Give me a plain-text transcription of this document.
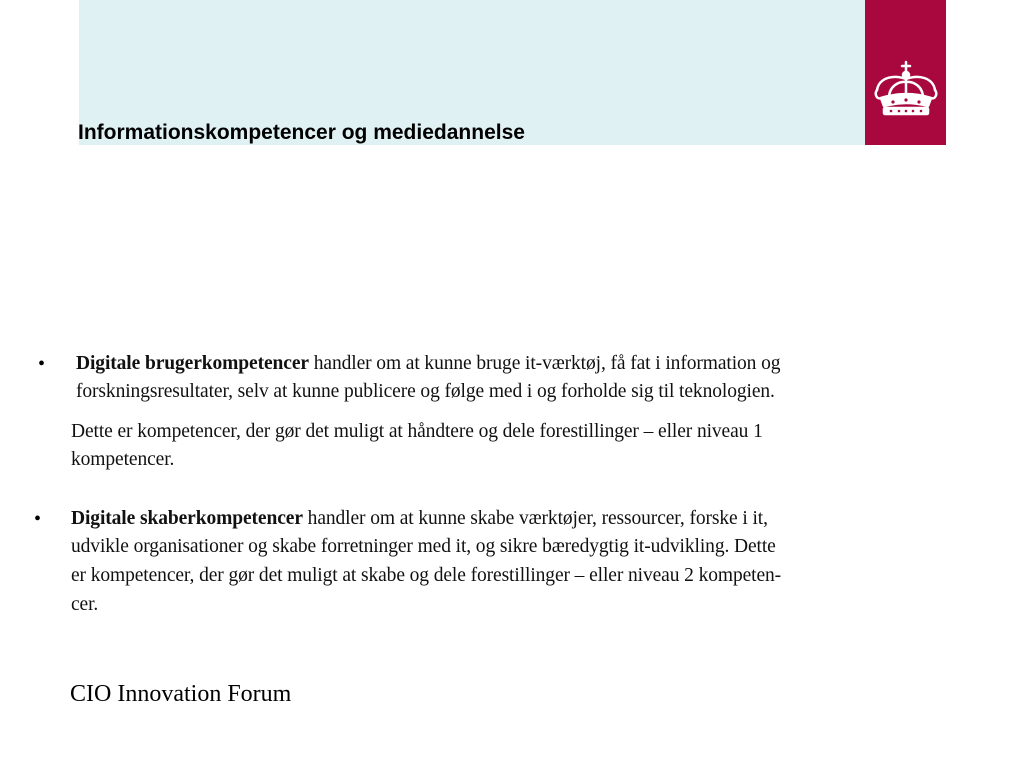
Informationskompetencer og mediedannelse
• Digitale brugerkompetencer handler om at kunne bruge it-værktøj, få fat i information og
forskningsresultater, selv at kunne publicere og følge med i og forholde sig til teknologien.
Dette er kompetencer, der gør det muligt at håndtere og dele forestillinger – eller niveau 1
kompetencer.
• Digitale skaberkompetencer handler om at kunne skabe værktøjer, ressourcer, forske i it,
udvikle organisationer og skabe forretninger med it, og sikre bæredygtig it-udvikling. Dette
er kompetencer, der gør det muligt at skabe og dele forestillinger – eller niveau 2 kompeten-
cer.
CIO Innovation Forum
